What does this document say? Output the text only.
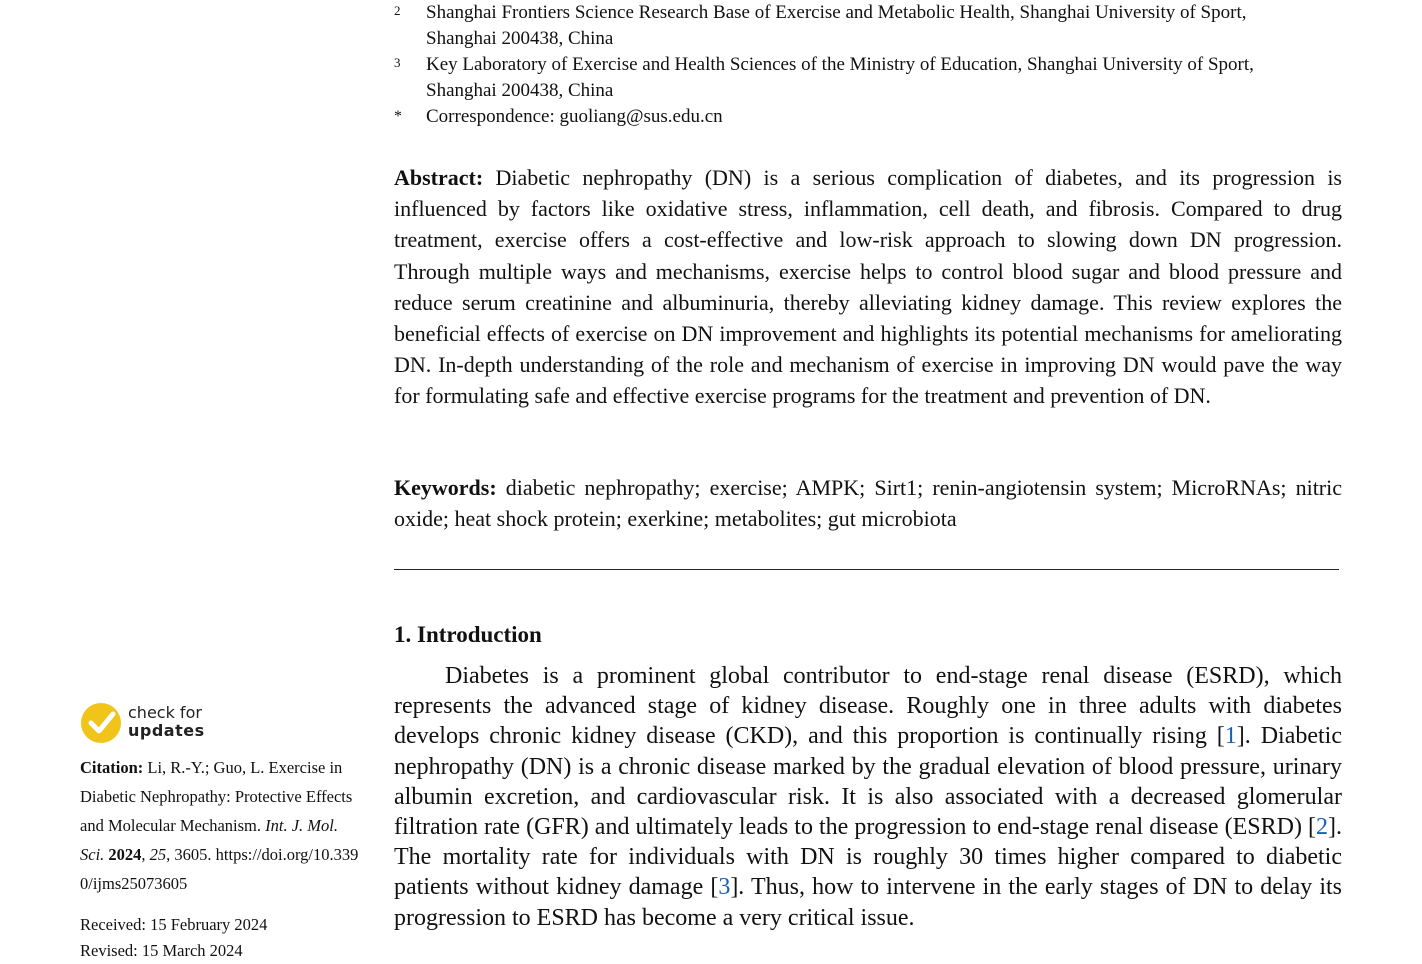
2 Shanghai Frontiers Science Research Base of Exercise and Metabolic Health, Shanghai University of Sport,
Shanghai 200438, China
3 Key Laboratory of Exercise and Health Sciences of the Ministry of Education, Shanghai University of Sport,
Shanghai 200438, China
* Correspondence: guoliang@sus.edu.cn

Abstract: Diabetic nephropathy (DN) is a serious complication of diabetes, and its progression is influenced by factors like oxidative stress, inflammation, cell death, and fibrosis. Compared to drug treatment, exercise offers a cost-effective and low-risk approach to slowing down DN progression. Through multiple ways and mechanisms, exercise helps to control blood sugar and blood pressure and reduce serum creatinine and albuminuria, thereby alleviating kidney damage. This review explores the beneficial effects of exercise on DN improvement and highlights its potential mechanisms for ameliorating DN. In-depth understanding of the role and mechanism of exercise in improving DN would pave the way for formulating safe and effective exercise programs for the treatment and prevention of DN.

Keywords: diabetic nephropathy; exercise; AMPK; Sirt1; renin-angiotensin system; MicroRNAs; nitric oxide; heat shock protein; exerkine; metabolites; gut microbiota

1. Introduction

Diabetes is a prominent global contributor to end-stage renal disease (ESRD), which represents the advanced stage of kidney disease. Roughly one in three adults with diabetes develops chronic kidney disease (CKD), and this proportion is continually rising [1]. Diabetic nephropathy (DN) is a chronic disease marked by the gradual elevation of blood pressure, urinary albumin excretion, and cardiovascular risk. It is also associated with a decreased glomerular filtration rate (GFR) and ultimately leads to the progression to end-stage renal disease (ESRD) [2]. The mortality rate for individuals with DN is roughly 30 times higher compared to diabetic patients without kidney damage [3]. Thus, how to intervene in the early stages of DN to delay its progression to ESRD has become a very critical issue.

check for
updates

Citation: Li, R.-Y.; Guo, L. Exercise in Diabetic Nephropathy: Protective Effects and Molecular Mechanism. Int. J. Mol. Sci. 2024, 25, 3605. https://doi.org/10.3390/ijms25073605

Received: 15 February 2024
Revised: 15 March 2024
